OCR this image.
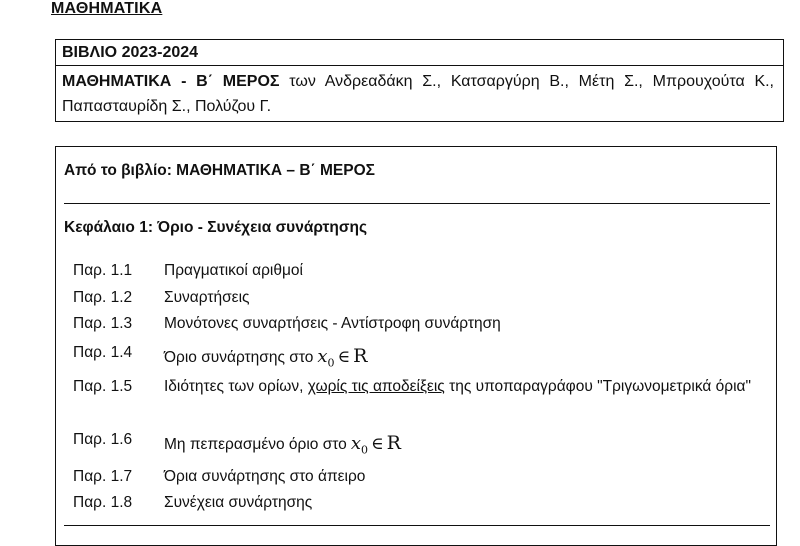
ΜΑΘΗΜΑΤΙΚΑ
ΒΙΒΛΙΟ 2023-2024
ΜΑΘΗΜΑΤΙΚΑ - Β΄ ΜΕΡΟΣ των Ανδρεαδάκη Σ., Κατσαργύρη Β., Μέτη Σ., Μπρουχούτα Κ., Παπασταυρίδη Σ., Πολύζου Γ.
Από το βιβλίο: ΜΑΘΗΜΑΤΙΚΑ – Β΄ ΜΕΡΟΣ
Κεφάλαιο 1: Όριο - Συνέχεια συνάρτησης
Παρ. 1.1 Πραγματικοί αριθμοί
Παρ. 1.2 Συναρτήσεις
Παρ. 1.3 Μονότονες συναρτήσεις - Αντίστροφη συνάρτηση
Παρ. 1.4 Όριο συνάρτησης στο $x_0$ ∈ R
Παρ. 1.5 Ιδιότητες των ορίων, χωρίς τις αποδείξεις της υποπαραγράφου "Τριγωνομετρικά όρια"
Παρ. 1.6 Μη πεπερασμένο όριο στο $x_0$ ∈ R
Παρ. 1.7 Όρια συνάρτησης στο άπειρο
Παρ. 1.8 Συνέχεια συνάρτησης
